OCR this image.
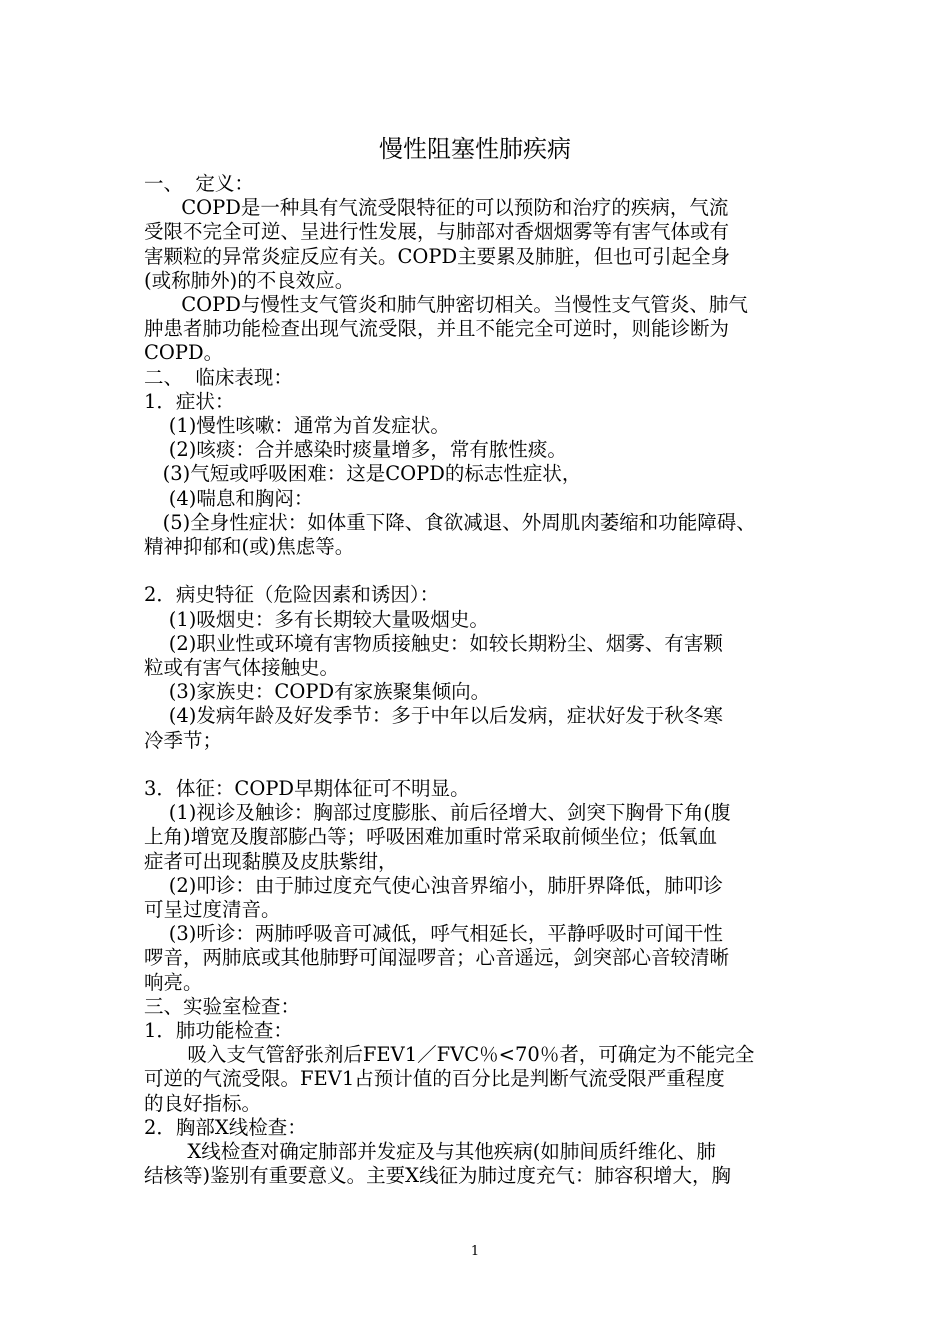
慢性阻塞性肺疾病
一、  定义：
COPD是一种具有气流受限特征的可以预防和治疗的疾病，气流
受限不完全可逆、呈进行性发展，与肺部对香烟烟雾等有害气体或有
害颗粒的异常炎症反应有关。COPD主要累及肺脏，但也可引起全身
(或称肺外)的不良效应。
COPD与慢性支气管炎和肺气肿密切相关。当慢性支气管炎、肺气
肿患者肺功能检查出现气流受限，并且不能完全可逆时，则能诊断为
COPD。
二、  临床表现：
1．症状：
(1)慢性咳嗽：通常为首发症状。
(2)咳痰：合并感染时痰量增多，常有脓性痰。
(3)气短或呼吸困难：这是COPD的标志性症状，
(4)喘息和胸闷：
(5)全身性症状：如体重下降、食欲减退、外周肌肉萎缩和功能障碍、
精神抑郁和(或)焦虑等。
2．病史特征（危险因素和诱因）：
(1)吸烟史：多有长期较大量吸烟史。
(2)职业性或环境有害物质接触史：如较长期粉尘、烟雾、有害颗
粒或有害气体接触史。
(3)家族史：COPD有家族聚集倾向。
(4)发病年龄及好发季节：多于中年以后发病，症状好发于秋冬寒
冷季节；
3．体征：COPD早期体征可不明显。
(1)视诊及触诊：胸部过度膨胀、前后径增大、剑突下胸骨下角(腹
上角)增宽及腹部膨凸等；呼吸困难加重时常采取前倾坐位；低氧血
症者可出现黏膜及皮肤紫绀，
(2)叩诊：由于肺过度充气使心浊音界缩小，肺肝界降低，肺叩诊
可呈过度清音。
(3)听诊：两肺呼吸音可减低，呼气相延长，平静呼吸时可闻干性
啰音，两肺底或其他肺野可闻湿啰音；心音遥远，剑突部心音较清晰
响亮。
三、实验室检查：
1．肺功能检查：
吸入支气管舒张剂后FEV1／FVC％<70％者，可确定为不能完全
可逆的气流受限。FEV1占预计值的百分比是判断气流受限严重程度
的良好指标。
2．胸部X线检查：
X线检查对确定肺部并发症及与其他疾病(如肺间质纤维化、肺
结核等)鉴别有重要意义。主要X线征为肺过度充气：肺容积增大，胸
1
